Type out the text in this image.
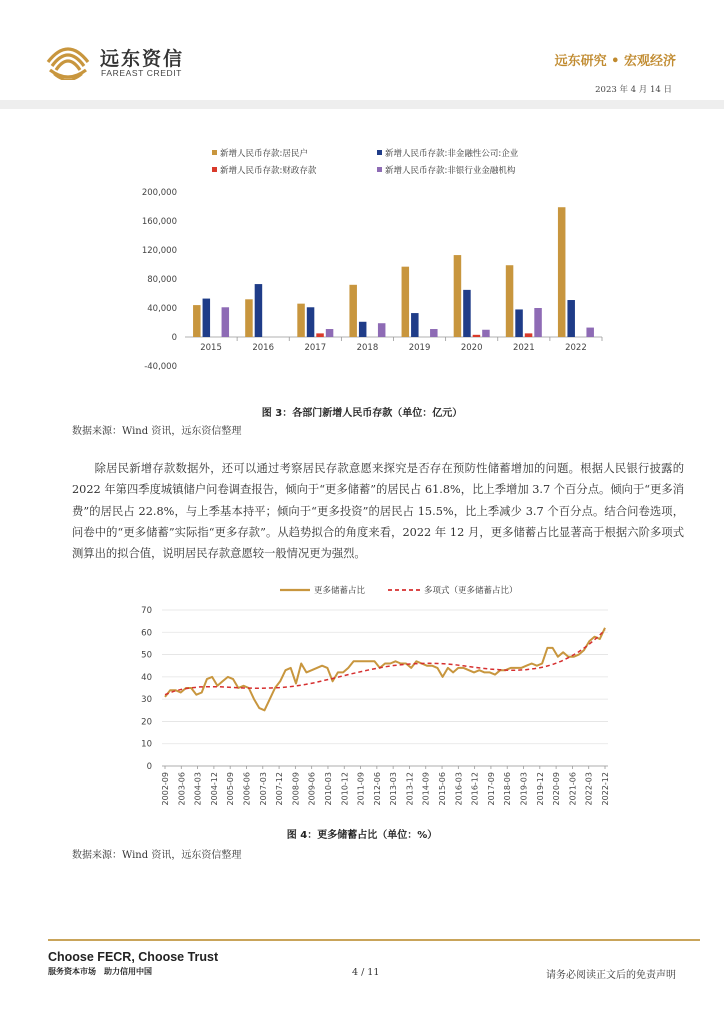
远东资信
FAREAST CREDIT
远东研究 • 宏观经济
2023 年 4 月 14 日
新增人民币存款:居民户	新增人民币存款:非金融性公司:企业
新增人民币存款:财政存款	新增人民币存款:非银行业金融机构
-40,000
0
40,000
80,000
120,000
160,000
200,000
2015	2016	2017	2018	2019	2020	2021	2022
图 3：各部门新增人民币存款（单位：亿元）
数据来源：Wind 资讯，远东资信整理

除居民新增存款数据外，还可以通过考察居民存款意愿来探究是否存在预防性储蓄增加的问题。根据人民银行披露的 2022 年第四季度城镇储户问卷调查报告，倾向于“更多储蓄”的居民占 61.8%，比上季增加 3.7 个百分点。倾向于“更多消费”的居民占 22.8%，与上季基本持平；倾向于“更多投资”的居民占 15.5%，比上季减少 3.7 个百分点。结合问卷选项，问卷中的“更多储蓄”实际指“更多存款”。从趋势拟合的角度来看，2022 年 12 月，更多储蓄占比显著高于根据六阶多项式测算出的拟合值，说明居民存款意愿较一般情况更为强烈。

更多储蓄占比	多项式（更多储蓄占比）
0
10
20
30
40
50
60
70
2002-09 2003-06 2004-03 2004-12 2005-09 2006-06 2007-03 2007-12 2008-09 2009-06 2010-03 2010-12 2011-09 2012-06 2013-03 2013-12 2014-09 2015-06 2016-03 2016-12 2017-09 2018-06 2019-03 2019-12 2020-09 2021-06 2022-03 2022-12
图 4：更多储蓄占比（单位：%）
数据来源：Wind 资讯，远东资信整理
Choose FECR, Choose Trust
服务资本市场　助力信用中国	4 / 11	请务必阅读正文后的免责声明
